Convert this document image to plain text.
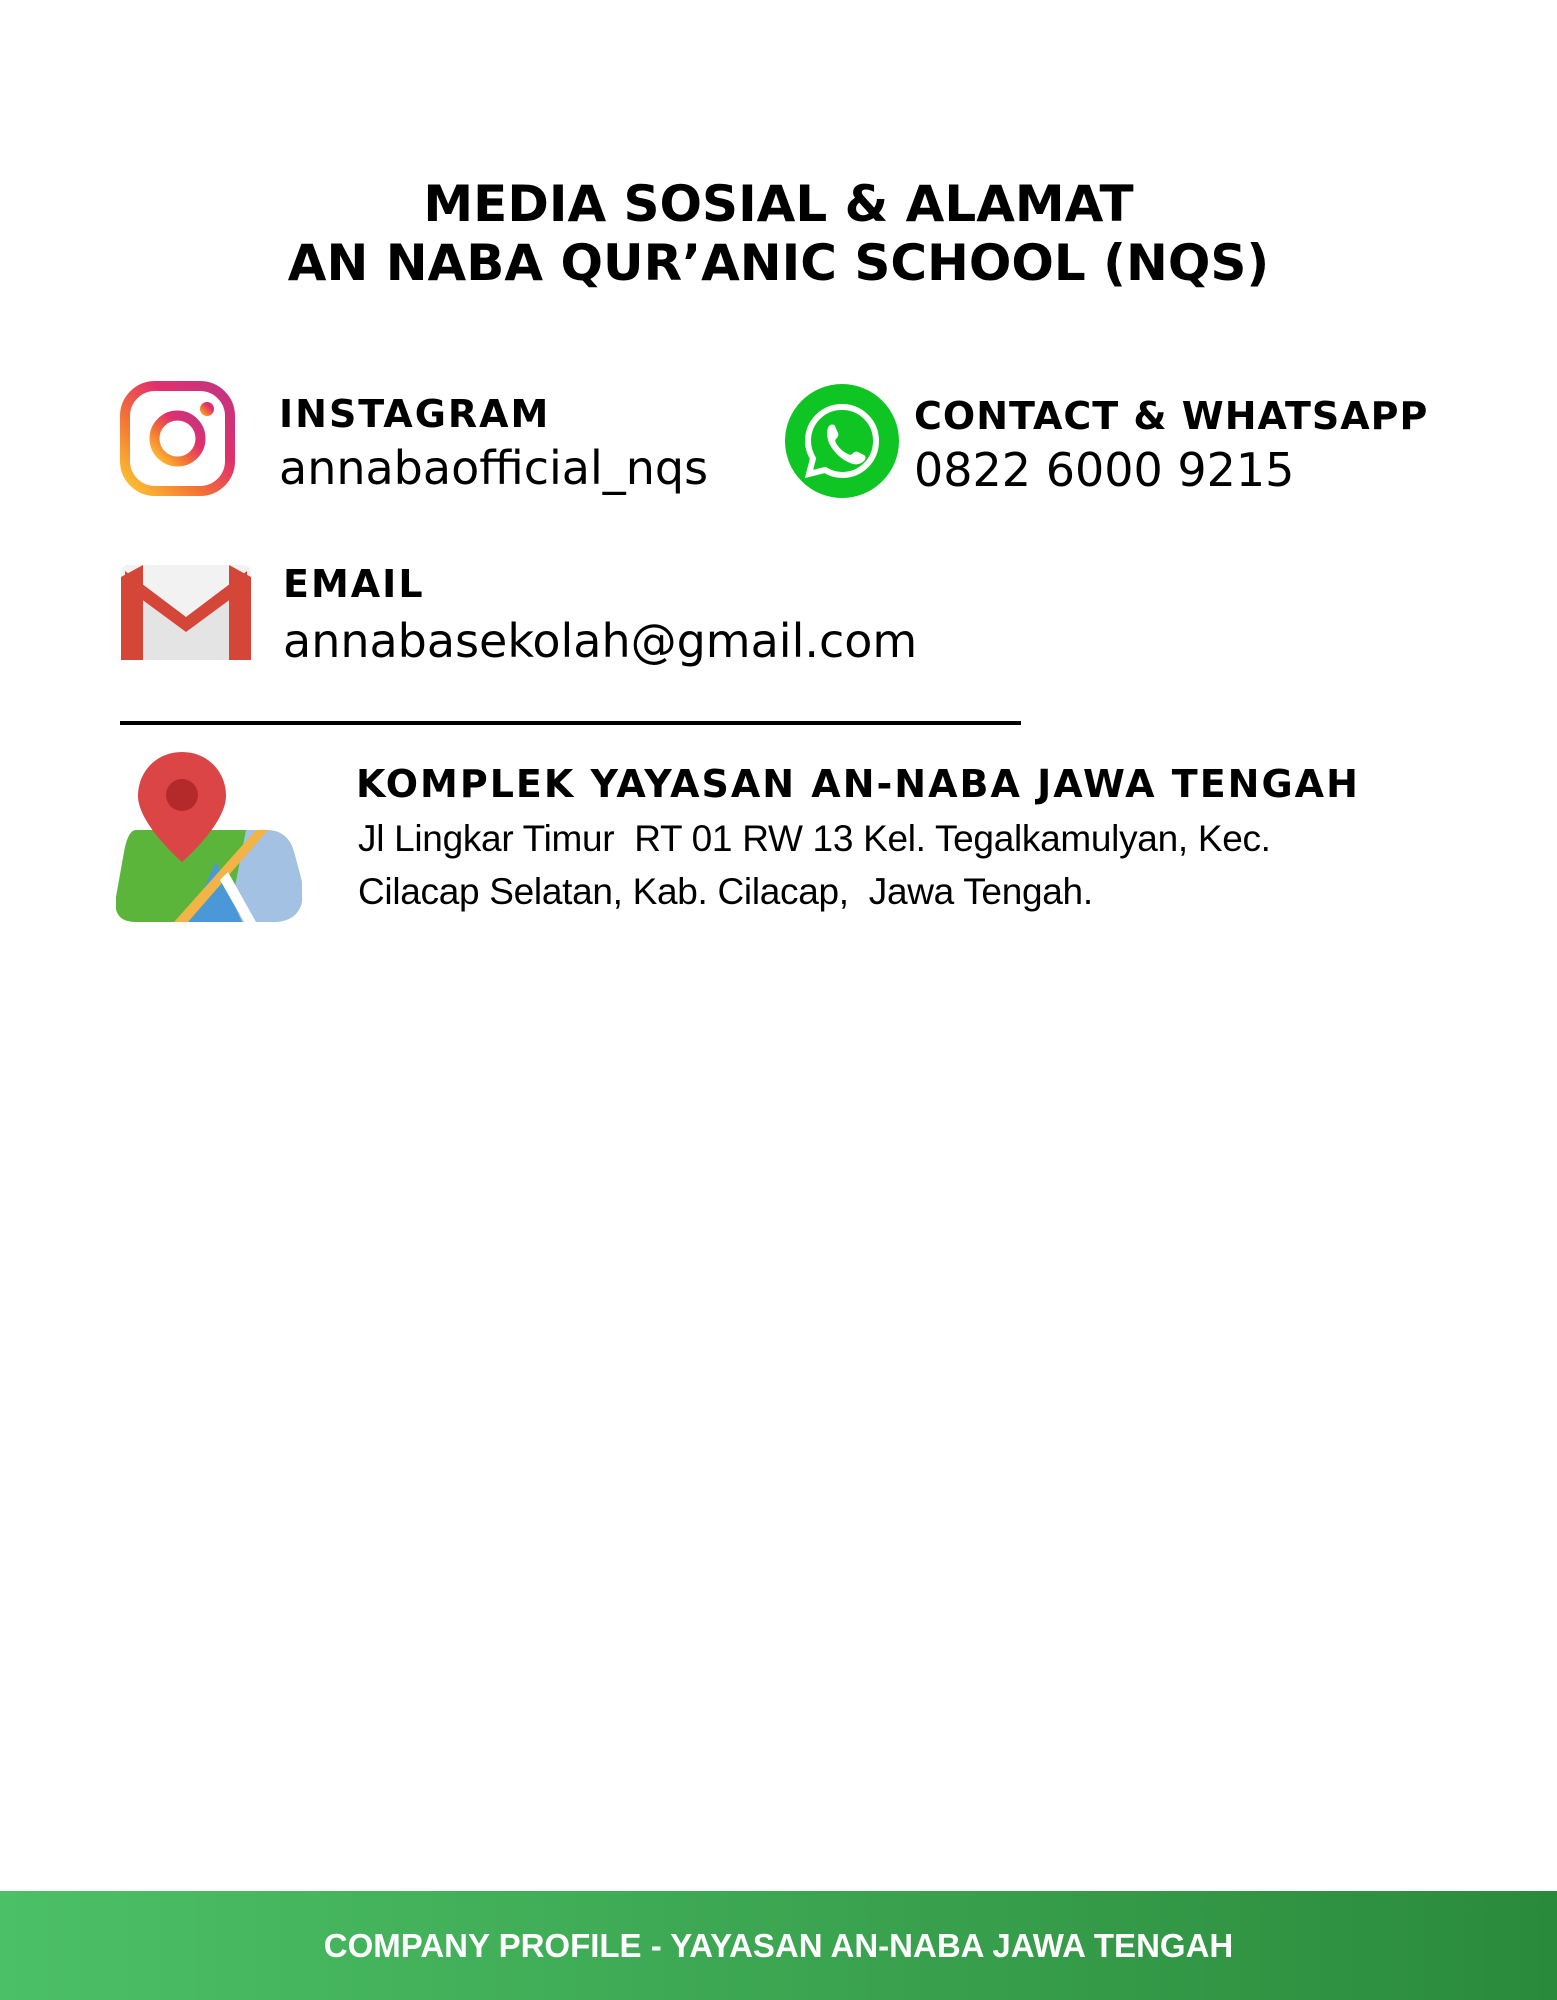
MEDIA SOSIAL & ALAMAT
AN NABA QUR’ANIC SCHOOL (NQS)
INSTAGRAM
annabaofficial_nqs
CONTACT & WHATSAPP
0822 6000 9215
EMAIL
annabasekolah@gmail.com
KOMPLEK YAYASAN AN-NABA JAWA TENGAH
Jl Lingkar Timur  RT 01 RW 13 Kel. Tegalkamulyan, Kec.
Cilacap Selatan, Kab. Cilacap,  Jawa Tengah.
COMPANY PROFILE - YAYASAN AN-NABA JAWA TENGAH
